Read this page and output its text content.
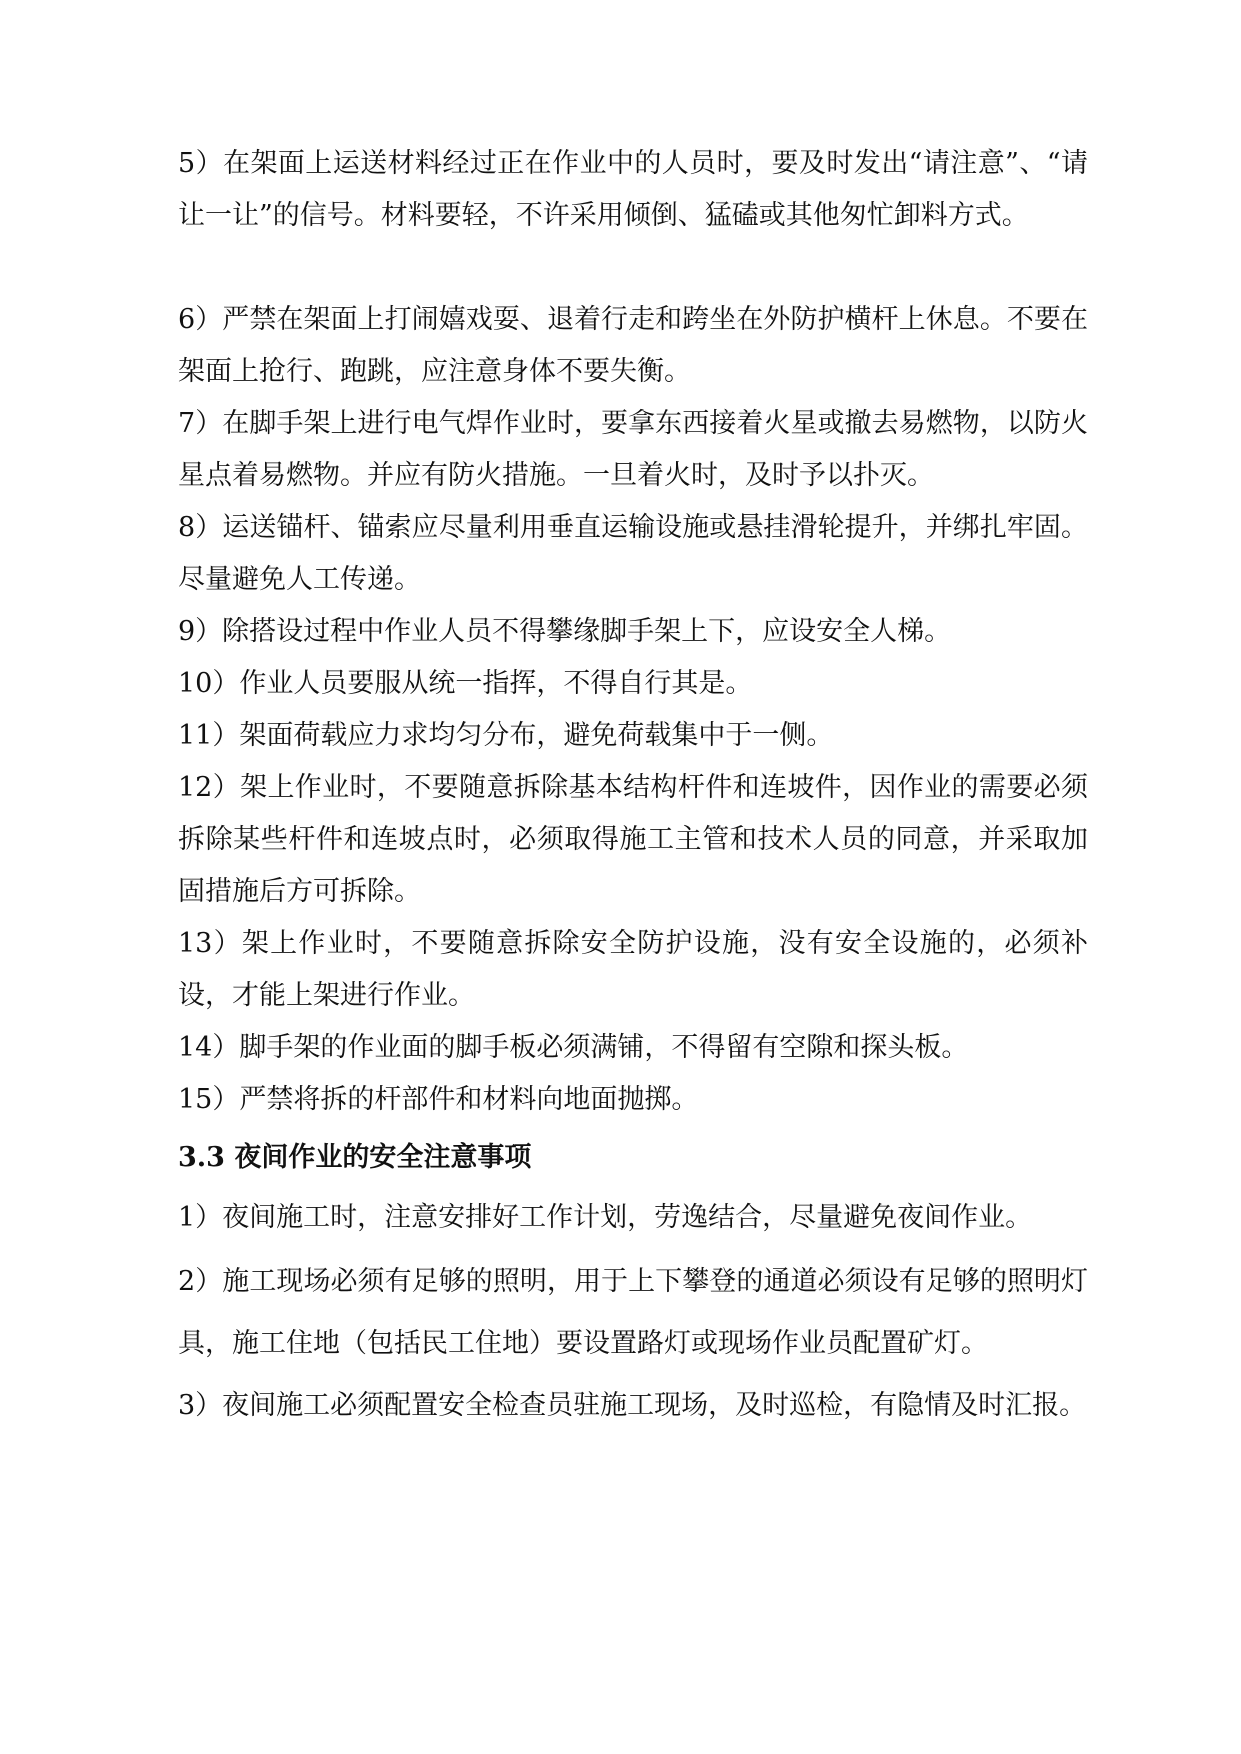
5）在架面上运送材料经过正在作业中的人员时，要及时发出“请注意”、“请让一让”的信号。材料要轻，不许采用倾倒、猛磕或其他匆忙卸料方式。

6）严禁在架面上打闹嬉戏耍、退着行走和跨坐在外防护横杆上休息。不要在架面上抢行、跑跳，应注意身体不要失衡。

7）在脚手架上进行电气焊作业时，要拿东西接着火星或撤去易燃物，以防火星点着易燃物。并应有防火措施。一旦着火时，及时予以扑灭。

8）运送锚杆、锚索应尽量利用垂直运输设施或悬挂滑轮提升，并绑扎牢固。尽量避免人工传递。

9）除搭设过程中作业人员不得攀缘脚手架上下，应设安全人梯。

10）作业人员要服从统一指挥，不得自行其是。

11）架面荷载应力求均匀分布，避免荷载集中于一侧。

12）架上作业时，不要随意拆除基本结构杆件和连坡件，因作业的需要必须拆除某些杆件和连坡点时，必须取得施工主管和技术人员的同意，并采取加固措施后方可拆除。

13）架上作业时，不要随意拆除安全防护设施，没有安全设施的，必须补设，才能上架进行作业。

14）脚手架的作业面的脚手板必须满铺，不得留有空隙和探头板。

15）严禁将拆的杆部件和材料向地面抛掷。

3.3 夜间作业的安全注意事项

1）夜间施工时，注意安排好工作计划，劳逸结合，尽量避免夜间作业。

2）施工现场必须有足够的照明，用于上下攀登的通道必须设有足够的照明灯具，施工住地（包括民工住地）要设置路灯或现场作业员配置矿灯。

3）夜间施工必须配置安全检查员驻施工现场，及时巡检，有隐情及时汇报。
